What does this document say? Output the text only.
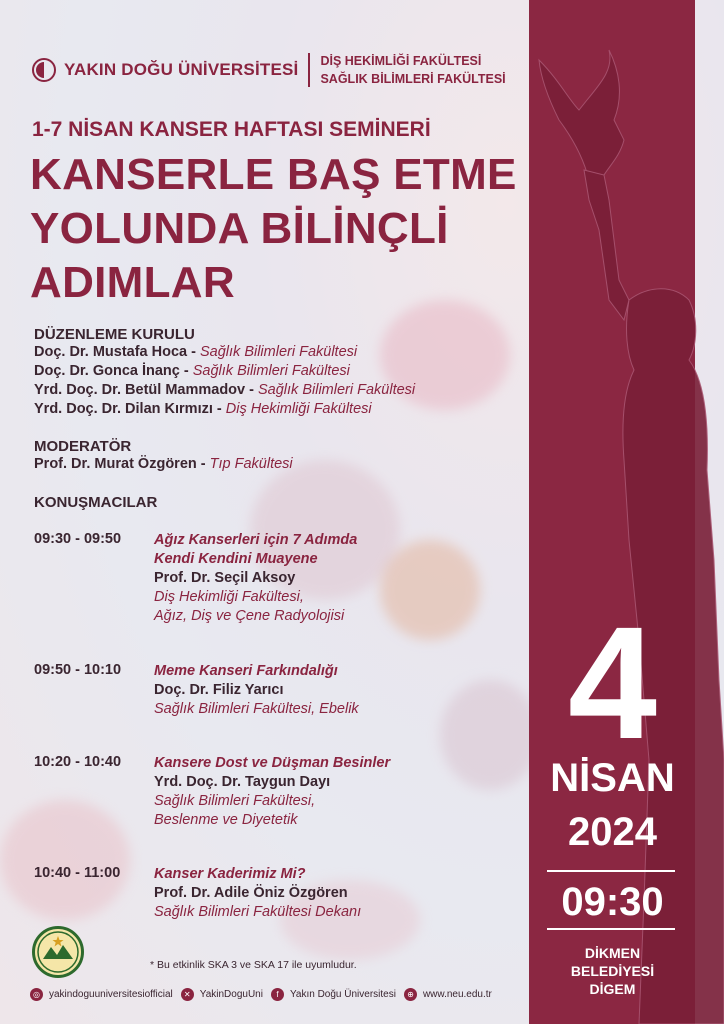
YAKIN DOĞU ÜNİVERSİTESİ DİŞ HEKİMLİĞİ FAKÜLTESİ
SAĞLIK BİLİMLERİ FAKÜLTESİ
1-7 NİSAN KANSER HAFTASI SEMİNERİ
KANSERLE BAŞ ETME
YOLUNDA BİLİNÇLİ
ADIMLAR
DÜZENLEME KURULU
Doç. Dr. Mustafa Hoca - Sağlık Bilimleri Fakültesi
Doç. Dr. Gonca İnanç - Sağlık Bilimleri Fakültesi
Yrd. Doç. Dr. Betül Mammadov - Sağlık Bilimleri Fakültesi
Yrd. Doç. Dr. Dilan Kırmızı - Diş Hekimliği Fakültesi
MODERATÖR
Prof. Dr. Murat Özgören - Tıp Fakültesi
KONUŞMACILAR
09:30 - 09:50 Ağız Kanserleri için 7 Adımda
Kendi Kendini Muayene
Prof. Dr. Seçil Aksoy
Diş Hekimliği Fakültesi,
Ağız, Diş ve Çene Radyolojisi
09:50 - 10:10 Meme Kanseri Farkındalığı
Doç. Dr. Filiz Yarıcı
Sağlık Bilimleri Fakültesi, Ebelik
10:20 - 10:40 Kansere Dost ve Düşman Besinler
Yrd. Doç. Dr. Taygun Dayı
Sağlık Bilimleri Fakültesi,
Beslenme ve Diyetetik
10:40 - 11:00 Kanser Kaderimiz Mi?
Prof. Dr. Adile Öniz Özgören
Sağlık Bilimleri Fakültesi Dekanı
4
NİSAN
2024
09:30
DİKMEN
BELEDİYESİ
DİGEM
* Bu etkinlik SKA 3 ve SKA 17 ile uyumludur.
◎ yakindoguuniversitesiofficial	✕ YakinDoguUni	f	Yakın Doğu Üniversitesi	⊕ www.neu.edu.tr
